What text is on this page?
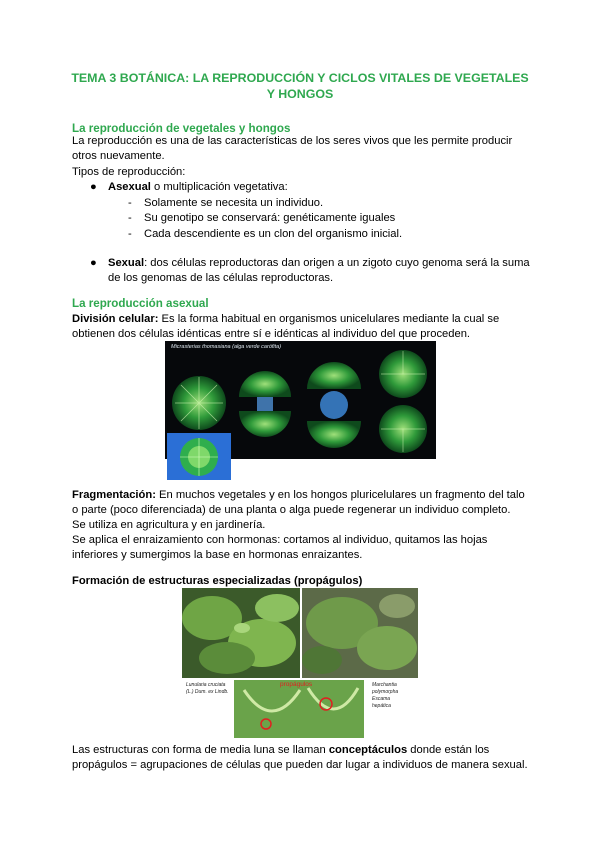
TEMA 3 BOTÁNICA: LA REPRODUCCIÓN Y CICLOS VITALES DE VEGETALES
Y HONGOS
La reproducción de vegetales y hongos
La reproducción es una de las características de los seres vivos que les permite producir
otros nuevamente.
Tipos de reproducción:
● Asexual o multiplicación vegetativa:
- Solamente se necesita un individuo.
- Su genotipo se conservará: genéticamente iguales
- Cada descendiente es un clon del organismo inicial.
● Sexual: dos células reproductoras dan origen a un zigoto cuyo genoma será la suma
de los genomas de las células reproductoras.
La reproducción asexual
División celular: Es la forma habitual en organismos unicelulares mediante la cual se
obtienen dos células idénticas entre sí e idénticas al individuo del que proceden.
Micrasterias thomasiana (alga verde carófita)
Fragmentación: En muchos vegetales y en los hongos pluricelulares un fragmento del talo
o parte (poco diferenciada) de una planta o alga puede regenerar un individuo completo.
Se utiliza en agricultura y en jardinería.
Se aplica el enraizamiento con hormonas: cortamos al individuo, quitamos las hojas
inferiores y sumergimos la base en hormonas enraizantes.
Formación de estructuras especializadas (propágulos)
Lunularia cruciata
(L.) Dum. ex Lindb.
propágulos	Marchantia
polymorpha
Escama
hepática
Las estructuras con forma de media luna se llaman conceptáculos donde están los
propágulos = agrupaciones de células que pueden dar lugar a individuos de manera sexual.
